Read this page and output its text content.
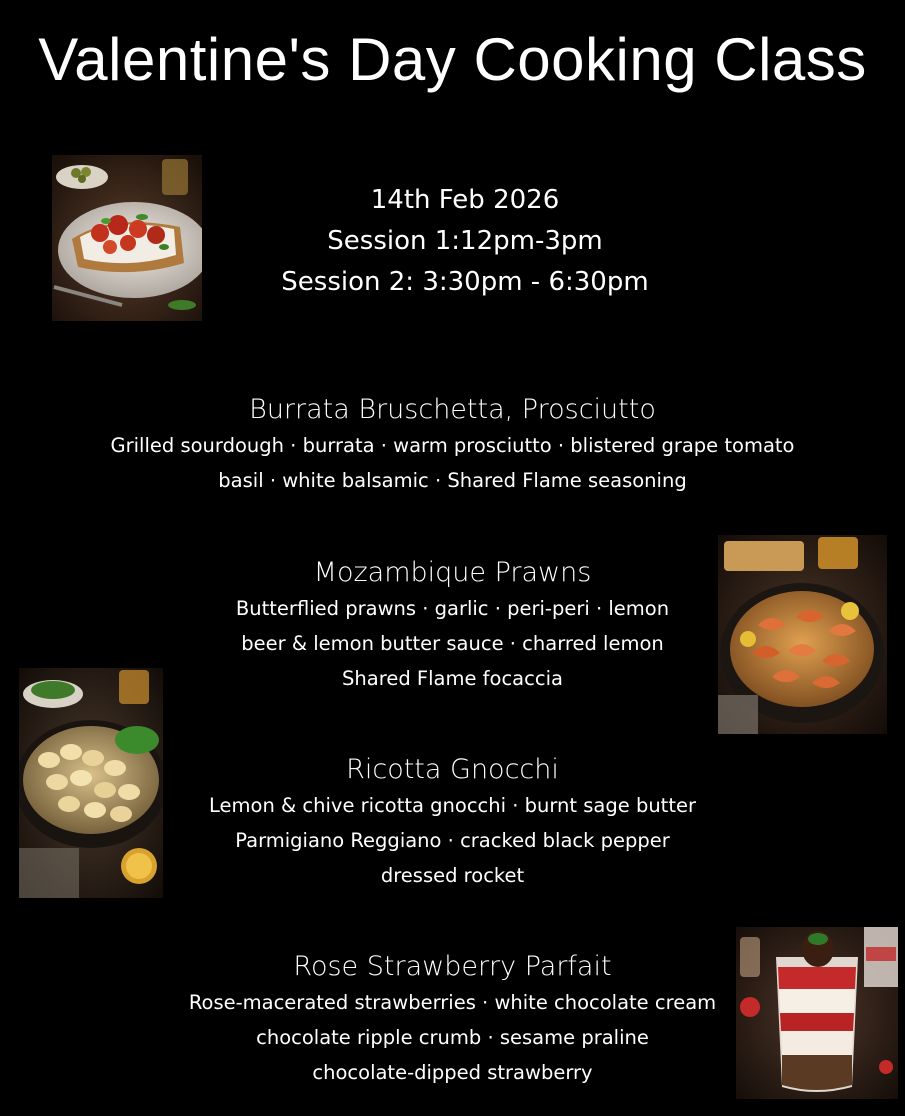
Valentine's Day Cooking Class
14th Feb 2026
Session 1:12pm-3pm
Session 2: 3:30pm - 6:30pm
Burrata Bruschetta, Prosciutto
Grilled sourdough · burrata · warm prosciutto · blistered grape tomato
basil · white balsamic · Shared Flame seasoning
Mozambique Prawns
Butterflied prawns · garlic · peri-peri · lemon
beer & lemon butter sauce · charred lemon
Shared Flame focaccia
Ricotta Gnocchi
Lemon & chive ricotta gnocchi · burnt sage butter
Parmigiano Reggiano · cracked black pepper
dressed rocket
Rose Strawberry Parfait
Rose-macerated strawberries · white chocolate cream
chocolate ripple crumb · sesame praline
chocolate-dipped strawberry
